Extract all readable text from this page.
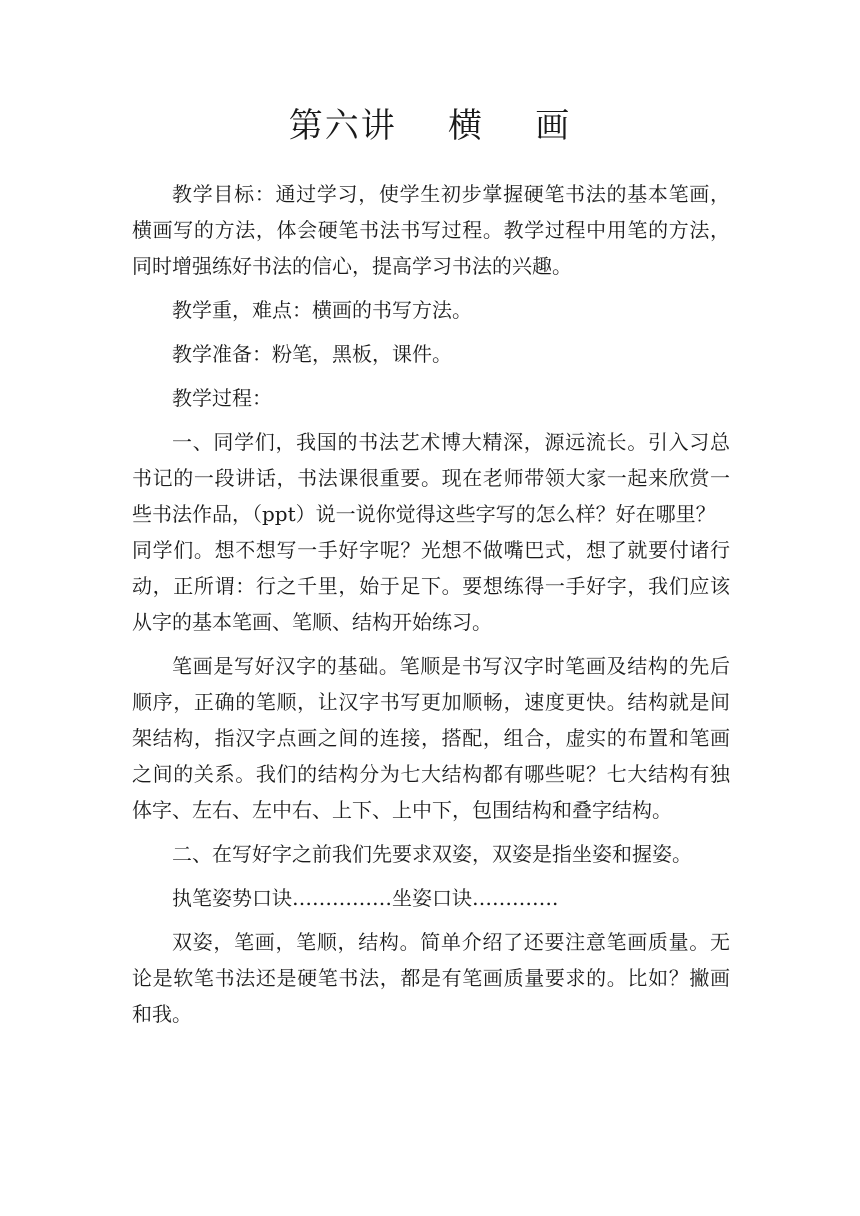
第六讲    横    画

教学目标：通过学习，使学生初步掌握硬笔书法的基本笔画，横画写的方法，体会硬笔书法书写过程。教学过程中用笔的方法，同时增强练好书法的信心，提高学习书法的兴趣。

教学重，难点：横画的书写方法。

教学准备：粉笔，黑板，课件。

教学过程：

一、同学们，我国的书法艺术博大精深，源远流长。引入习总书记的一段讲话，书法课很重要。现在老师带领大家一起来欣赏一些书法作品，（ppt）说一说你觉得这些字写的怎么样？好在哪里？

同学们。想不想写一手好字呢？光想不做嘴巴式，想了就要付诸行动，正所谓：行之千里，始于足下。要想练得一手好字，我们应该从字的基本笔画、笔顺、结构开始练习。

笔画是写好汉字的基础。笔顺是书写汉字时笔画及结构的先后顺序，正确的笔顺，让汉字书写更加顺畅，速度更快。结构就是间架结构，指汉字点画之间的连接，搭配，组合，虚实的布置和笔画之间的关系。我们的结构分为七大结构都有哪些呢？七大结构有独体字、左右、左中右、上下、上中下，包围结构和叠字结构。

二、在写好字之前我们先要求双姿，双姿是指坐姿和握姿。

执笔姿势口诀……………坐姿口诀………….

双姿，笔画，笔顺，结构。简单介绍了还要注意笔画质量。无论是软笔书法还是硬笔书法，都是有笔画质量要求的。比如？撇画和我。
